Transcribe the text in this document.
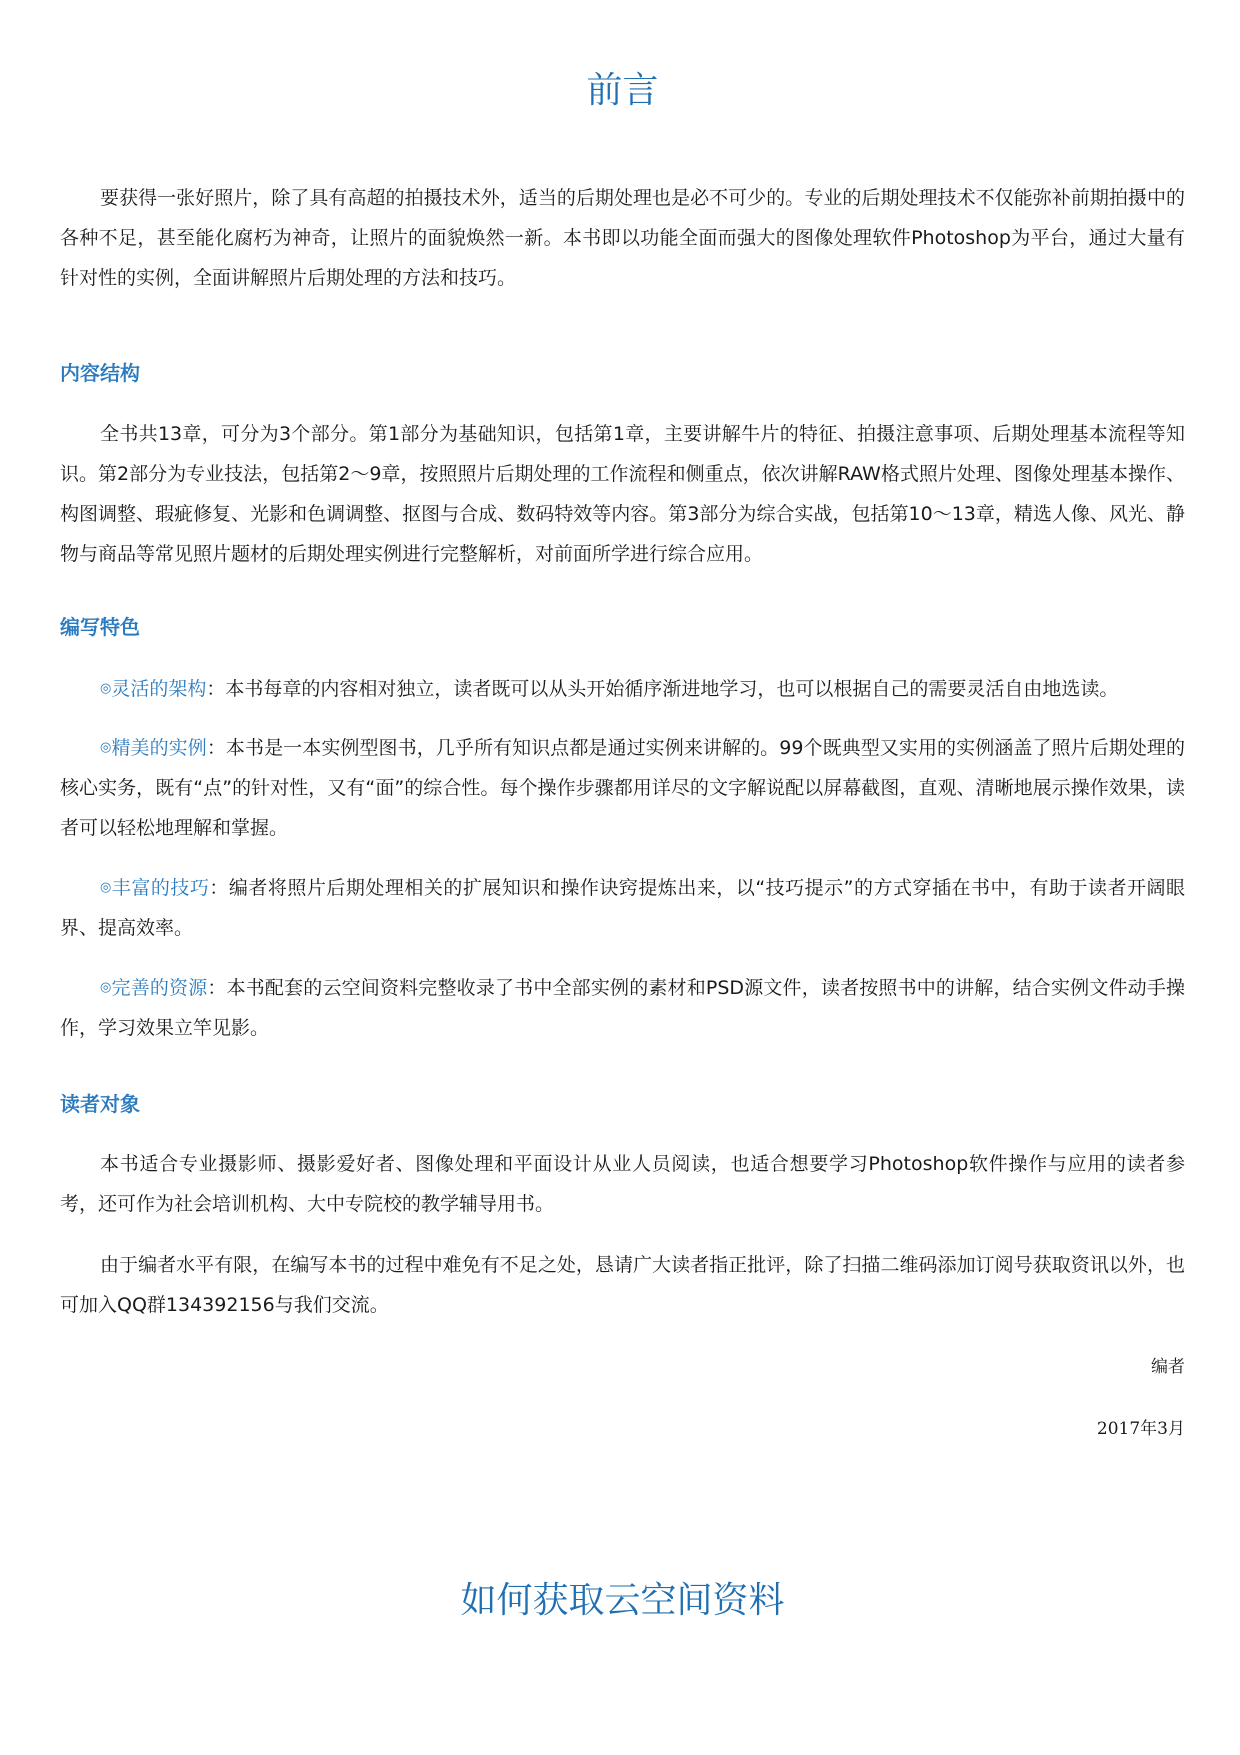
前言

要获得一张好照片，除了具有高超的拍摄技术外，适当的后期处理也是必不可少的。专业的后期处理技术不仅能弥补前期拍摄中的各种不足，甚至能化腐朽为神奇，让照片的面貌焕然一新。本书即以功能全面而强大的图像处理软件Photoshop为平台，通过大量有针对性的实例，全面讲解照片后期处理的方法和技巧。

内容结构

全书共13章，可分为3个部分。第1部分为基础知识，包括第1章，主要讲解牛片的特征、拍摄注意事项、后期处理基本流程等知识。第2部分为专业技法，包括第2～9章，按照照片后期处理的工作流程和侧重点，依次讲解RAW格式照片处理、图像处理基本操作、构图调整、瑕疵修复、光影和色调调整、抠图与合成、数码特效等内容。第3部分为综合实战，包括第10～13章，精选人像、风光、静物与商品等常见照片题材的后期处理实例进行完整解析，对前面所学进行综合应用。

编写特色

◎灵活的架构：本书每章的内容相对独立，读者既可以从头开始循序渐进地学习，也可以根据自己的需要灵活自由地选读。

◎精美的实例：本书是一本实例型图书，几乎所有知识点都是通过实例来讲解的。99个既典型又实用的实例涵盖了照片后期处理的核心实务，既有“点”的针对性，又有“面”的综合性。每个操作步骤都用详尽的文字解说配以屏幕截图，直观、清晰地展示操作效果，读者可以轻松地理解和掌握。

◎丰富的技巧：编者将照片后期处理相关的扩展知识和操作诀窍提炼出来，以“技巧提示”的方式穿插在书中，有助于读者开阔眼界、提高效率。

◎完善的资源：本书配套的云空间资料完整收录了书中全部实例的素材和PSD源文件，读者按照书中的讲解，结合实例文件动手操作，学习效果立竿见影。

读者对象

本书适合专业摄影师、摄影爱好者、图像处理和平面设计从业人员阅读，也适合想要学习Photoshop软件操作与应用的读者参考，还可作为社会培训机构、大中专院校的教学辅导用书。

由于编者水平有限，在编写本书的过程中难免有不足之处，恳请广大读者指正批评，除了扫描二维码添加订阅号获取资讯以外，也可加入QQ群134392156与我们交流。

编者

2017年3月

如何获取云空间资料
